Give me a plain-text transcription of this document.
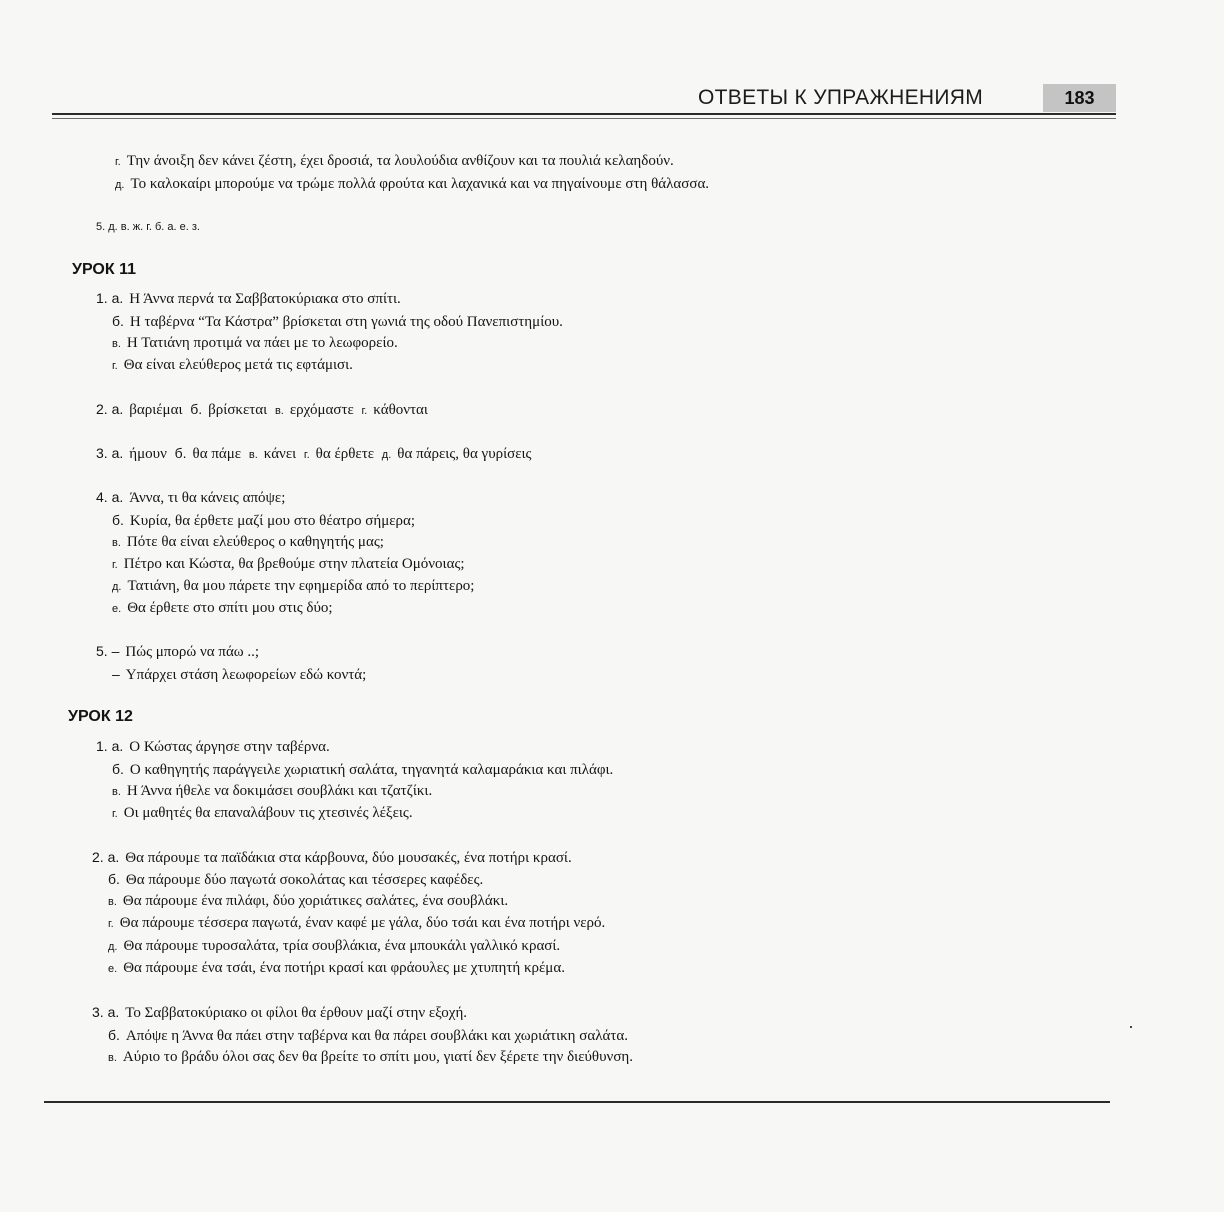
ОТВЕТЫ К УПРАЖНЕНИЯМ	183
г. Την άνοιξη δεν κάνει ζέστη, έχει δροσιά, τα λουλούδια ανθίζουν και τα πουλιά κελαηδούν.
д. Το καλοκαίρι μπορούμε να τρώμε πολλά φρούτα και λαχανικά και να πηγαίνουμε στη θάλασσα.
5. д. в. ж. г. б. а. е. з.
УРОК 11
1. а. Η Άννα περνά τα Σαββατοκύριακα στο σπίτι.
б. Η ταβέρνα “Τα Κάστρα” βρίσκεται στη γωνιά της οδού Πανεπιστημίου.
в. Η Τατιάνη προτιμά να πάει με το λεωφορείο.
г. Θα είναι ελεύθερος μετά τις εφτάμισι.
2. а. βαριέμαι б. βρίσκεται в. ερχόμαστε г. κάθονται
3. а. ήμουν б. θα πάμε в. κάνει г. θα έρθετε д. θα πάρεις, θα γυρίσεις
4. а. Άννα, τι θα κάνεις απόψε;
б. Κυρία, θα έρθετε μαζί μου στο θέατρο σήμερα;
в. Πότε θα είναι ελεύθερος ο καθηγητής μας;
г. Πέτρο και Κώστα, θα βρεθούμε στην πλατεία Ομόνοιας;
д. Τατιάνη, θα μου πάρετε την εφημερίδα από το περίπτερο;
е. Θα έρθετε στο σπίτι μου στις δύο;
5. – Πώς μπορώ να πάω ..;
– Υπάρχει στάση λεωφορείων εδώ κοντά;
УРОК 12
1. а. Ο Κώστας άργησε στην ταβέρνα.
б. Ο καθηγητής παράγγειλε χωριατική σαλάτα, τηγανητά καλαμαράκια και πιλάφι.
в. Η Άννα ήθελε να δοκιμάσει σουβλάκι και τζατζίκι.
г. Οι μαθητές θα επαναλάβουν τις χτεσινές λέξεις.
2. а. Θα πάρουμε τα παϊδάκια στα κάρβουνα, δύο μουσακές, ένα ποτήρι κρασί.
б. Θα πάρουμε δύο παγωτά σοκολάτας και τέσσερες καφέδες.
в. Θα πάρουμε ένα πιλάφι, δύο χοριάτικες σαλάτες, ένα σουβλάκι.
г. Θα πάρουμε τέσσερα παγωτά, έναν καφέ με γάλα, δύο τσάι και ένα ποτήρι νερό.
д. Θα πάρουμε τυροσαλάτα, τρία σουβλάκια, ένα μπουκάλι γαλλικό κρασί.
е. Θα πάρουμε ένα τσάι, ένα ποτήρι κρασί και φράουλες με χτυπητή κρέμα.
3. а. Το Σαββατοκύριακο οι φίλοι θα έρθουν μαζί στην εξοχή.
б. Απόψε η Άννα θα πάει στην ταβέρνα και θα πάρει σουβλάκι και χωριάτικη σαλάτα.
в. Αύριο το βράδυ όλοι σας δεν θα βρείτε το σπίτι μου, γιατί δεν ξέρετε την διεύθυνση.
